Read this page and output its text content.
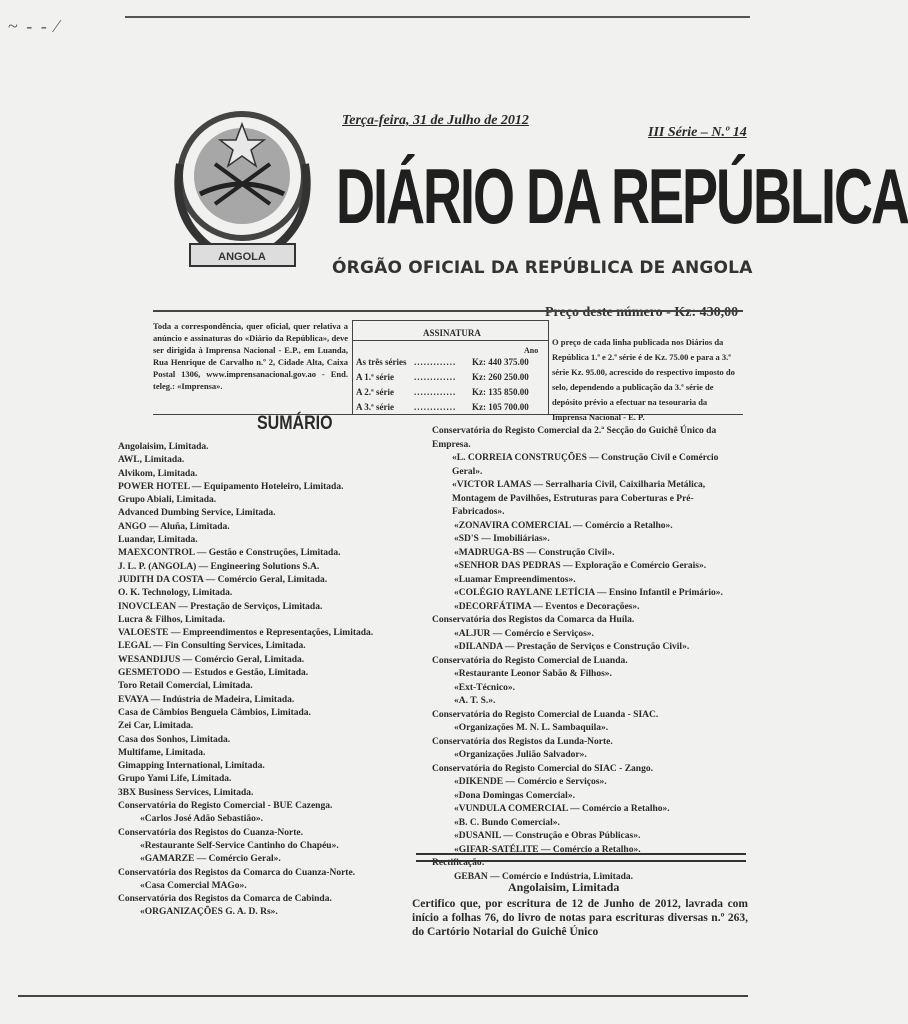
~ - - ⁄
ANGOLA
Terça-feira, 31 de Julho de 2012
III Série – N.º 14
DIÁRIO DA REPÚBLICA
ÓRGÃO OFICIAL DA REPÚBLICA DE ANGOLA
Preço deste número - Kz: 430,00
Toda a correspondência, quer oficial, quer relativa a anúncio e assinaturas do «Diário da República», deve ser dirigida à Imprensa Nacional - E.P., em Luanda, Rua Henrique de Carvalho n.º 2, Cidade Alta, Caixa Postal 1306, www.imprensanacional.gov.ao - End. teleg.: «Imprensa».
ASSINATURA
Ano
As três séries ............. Kz: 440 375.00
A 1.ª série ............. Kz: 260 250.00
A 2.ª série ............. Kz: 135 850.00
A 3.ª série ............. Kz: 105 700.00
O preço de cada linha publicada nos Diários da República 1.ª e 2.ª série é de Kz. 75.00 e para a 3.ª série Kz. 95.00, acrescido do respectivo imposto do selo, dependendo a publicação da 3.ª série de depósito prévio a efectuar na tesouraria da Imprensa Nacional - E. P.
SUMÁRIO
Angolaisim, Limitada.
AWL, Limitada.
Alvikom, Limitada.
POWER HOTEL — Equipamento Hoteleiro, Limitada.
Grupo Abiali, Limitada.
Advanced Dumbing Service, Limitada.
ANGO — Aluña, Limitada.
Luandar, Limitada.
MAEXCONTROL — Gestão e Construções, Limitada.
J. L. P. (ANGOLA) — Engineering Solutions S.A.
JUDITH DA COSTA — Comércio Geral, Limitada.
O. K. Technology, Limitada.
INOVCLEAN — Prestação de Serviços, Limitada.
Lucra & Filhos, Limitada.
VALOESTE — Empreendimentos e Representações, Limitada.
LEGAL — Fin Consulting Services, Limitada.
WESANDIJUS — Comércio Geral, Limitada.
GESMETODO — Estudos e Gestão, Limitada.
Toro Retail Comercial, Limitada.
EVAYA — Indústria de Madeira, Limitada.
Casa de Câmbios Benguela Câmbios, Limitada.
Zei Car, Limitada.
Casa dos Sonhos, Limitada.
Multifame, Limitada.
Gimapping International, Limitada.
Grupo Yami Life, Limitada.
3BX Business Services, Limitada.
Conservatória do Registo Comercial - BUE Cazenga.
«Carlos José Adão Sebastião».
Conservatória dos Registos do Cuanza-Norte.
«Restaurante Self-Service Cantinho do Chapéu».
«GAMARZE — Comércio Geral».
Conservatória dos Registos da Comarca do Cuanza-Norte.
«Casa Comercial MAGo».
Conservatória dos Registos da Comarca de Cabinda.
«ORGANIZAÇÕES G. A. D. Rs».
Conservatória do Registo Comercial da 2.ª Secção do Guichê Único da Empresa.
«L. CORREIA CONSTRUÇÕES — Construção Civil e Comércio Geral».
«VICTOR LAMAS — Serralharia Civil, Caixilharia Metálica, Montagem de Pavilhões, Estruturas para Coberturas e Pré-Fabricados».
«ZONAVIRA COMERCIAL — Comércio a Retalho».
«SD'S — Imobiliárias».
«MADRUGA-BS — Construção Civil».
«SENHOR DAS PEDRAS — Exploração e Comércio Gerais».
«Luamar Empreendimentos».
«COLÉGIO RAYLANE LETÍCIA — Ensino Infantil e Primário».
«DECORFÁTIMA — Eventos e Decorações».
Conservatória dos Registos da Comarca da Huíla.
«ALJUR — Comércio e Serviços».
«DILANDA — Prestação de Serviços e Construção Civil».
Conservatória do Registo Comercial de Luanda.
«Restaurante Leonor Sabão & Filhos».
«Ext-Técnico».
«A. T. S.».
Conservatória do Registo Comercial de Luanda - SIAC.
«Organizações M. N. L. Sambaquila».
Conservatória dos Registos da Lunda-Norte.
«Organizações Julião Salvador».
Conservatória do Registo Comercial do SIAC - Zango.
«DIKENDE — Comércio e Serviços».
«Dona Domingas Comercial».
«VUNDULA COMERCIAL — Comércio a Retalho».
«B. C. Bundo Comercial».
«DUSANIL — Construção e Obras Públicas».
«GIFAR-SATÉLITE — Comércio a Retalho».
Rectificação:
GEBAN — Comércio e Indústria, Limitada.
Angolaisim, Limitada
Certifico que, por escritura de 12 de Junho de 2012, lavrada com início a folhas 76, do livro de notas para escrituras diversas n.º 263, do Cartório Notarial do Guichê Único
